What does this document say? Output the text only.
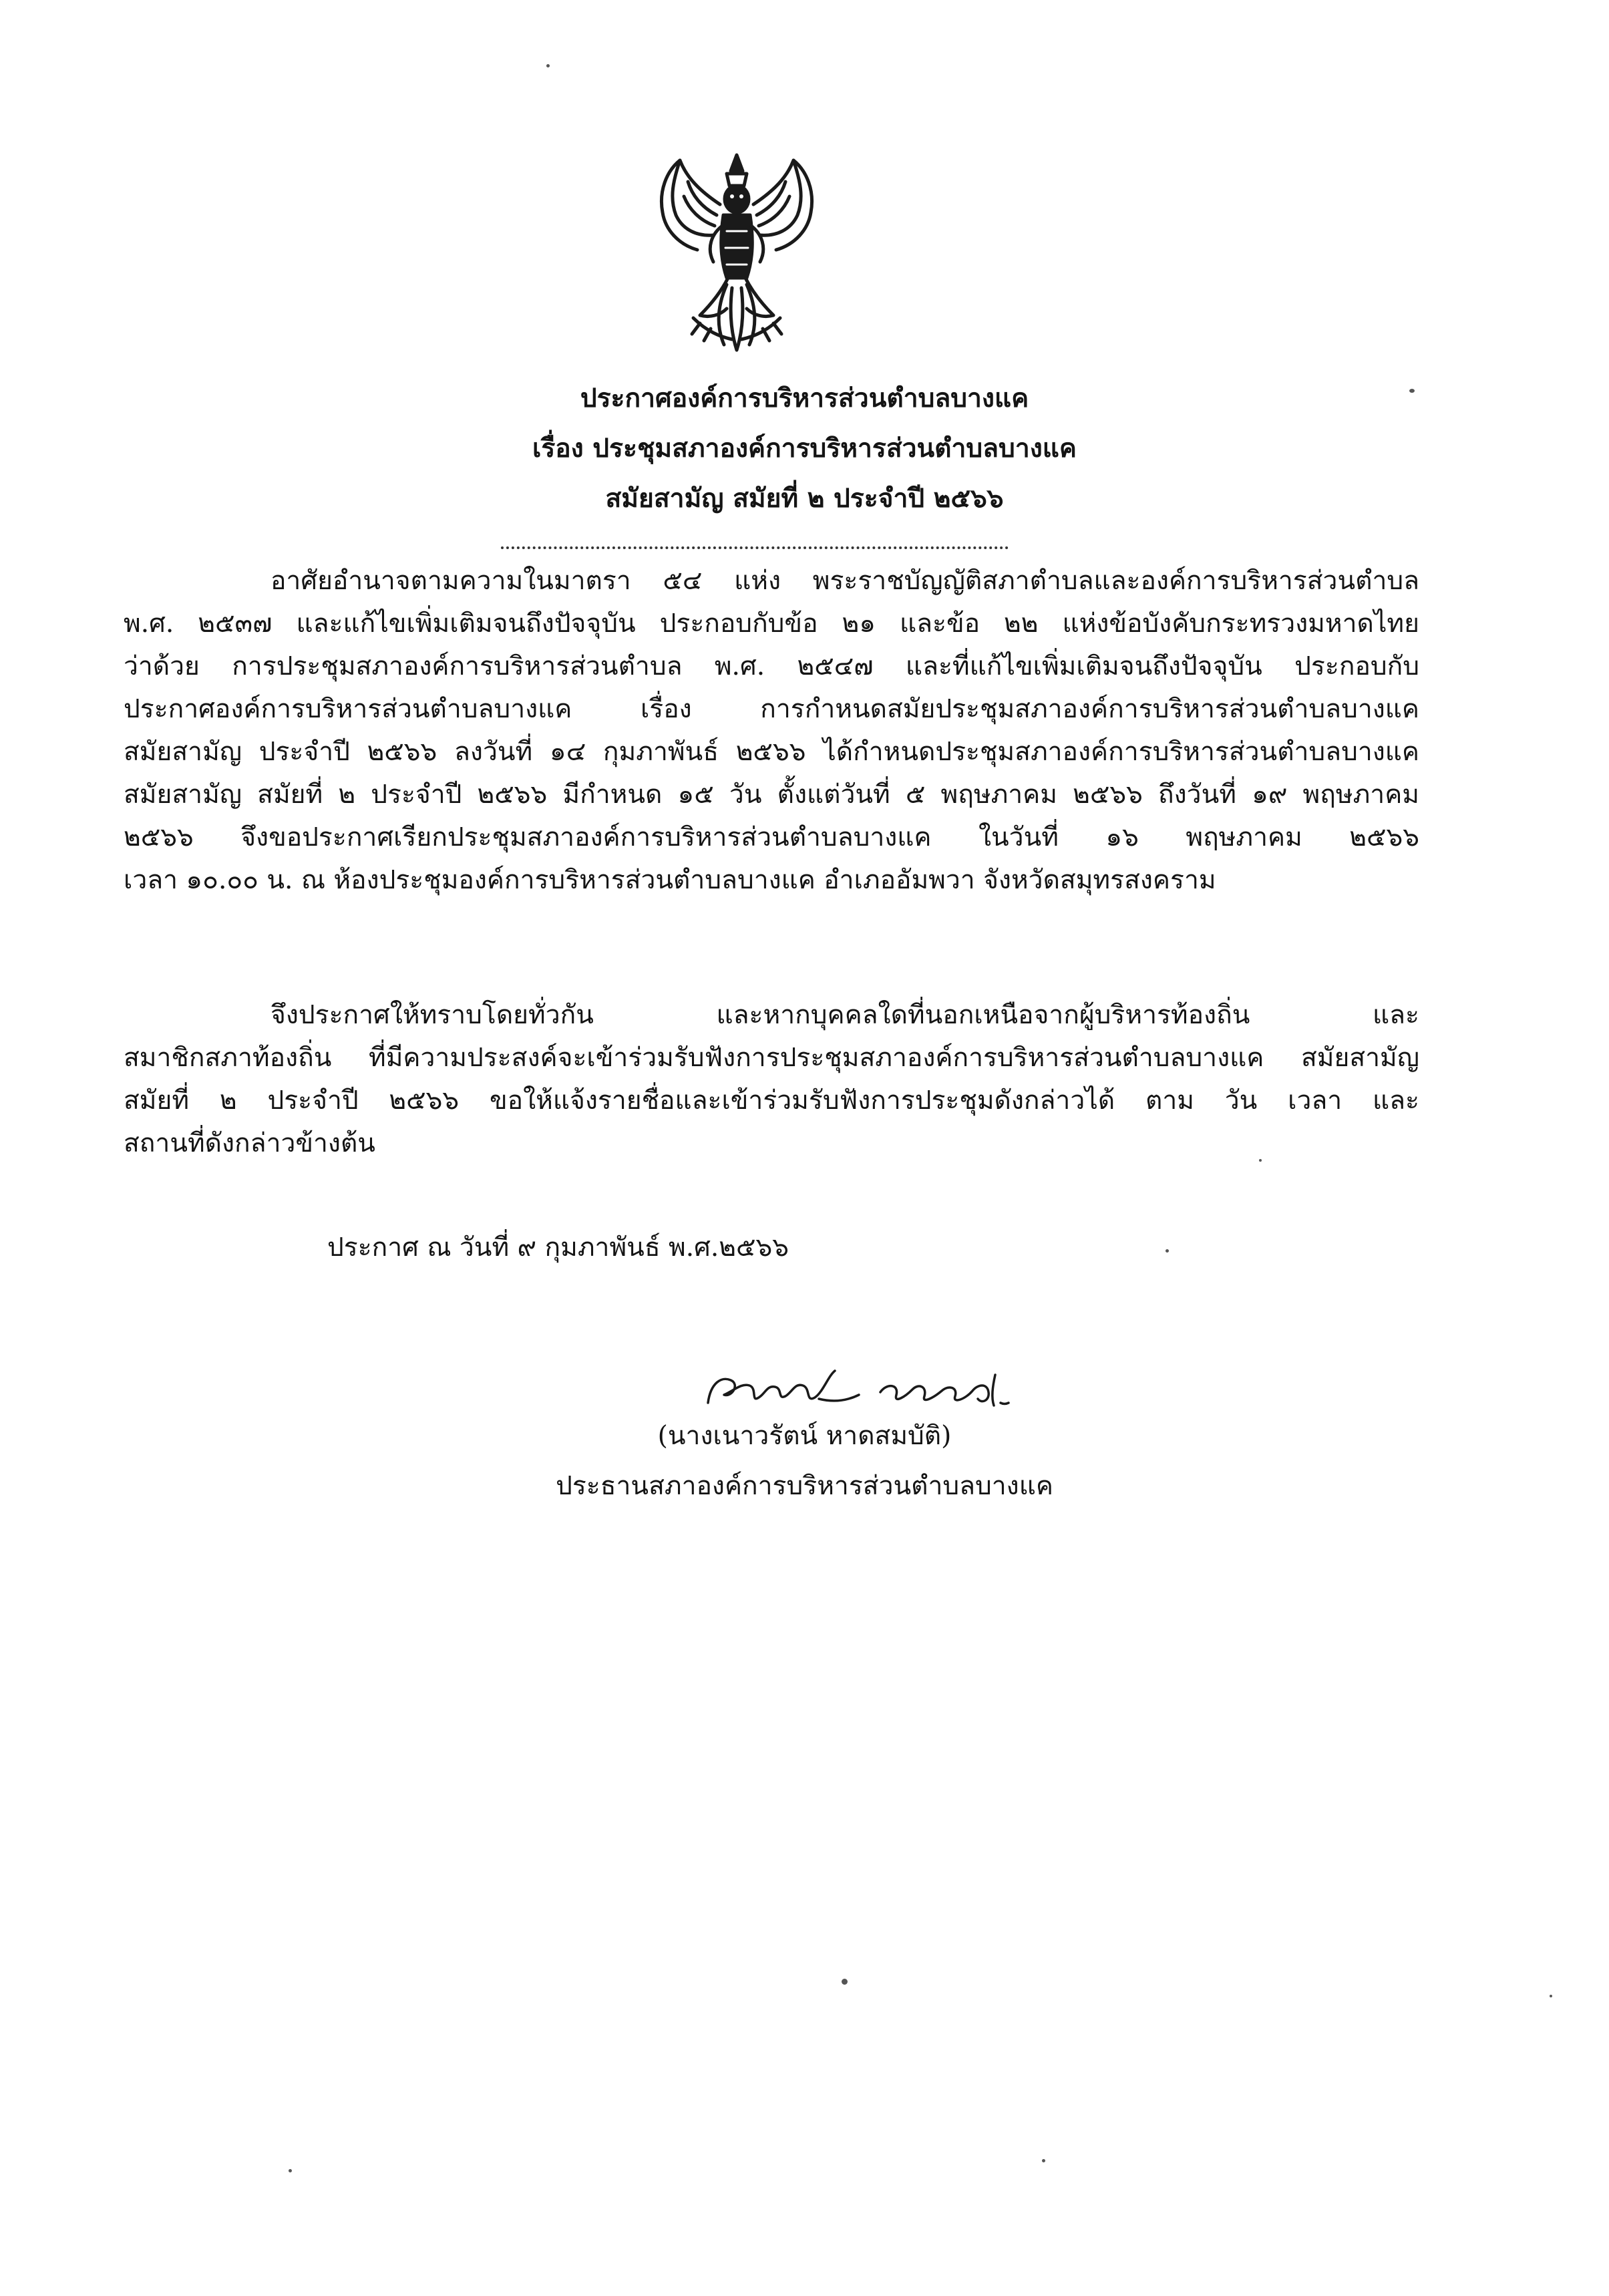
ประกาศองค์การบริหารส่วนตำบลบางแค
เรื่อง ประชุมสภาองค์การบริหารส่วนตำบลบางแค
สมัยสามัญ สมัยที่ ๒ ประจำปี ๒๕๖๖
อาศัยอำนาจตามความในมาตรา ๕๔ แห่ง พระราชบัญญัติสภาตำบลและองค์การบริหารส่วนตำบล
พ.ศ. ๒๕๓๗ และแก้ไขเพิ่มเติมจนถึงปัจจุบัน ประกอบกับข้อ ๒๑ และข้อ ๒๒ แห่งข้อบังคับกระทรวงมหาดไทย
ว่าด้วย การประชุมสภาองค์การบริหารส่วนตำบล พ.ศ. ๒๕๔๗ และที่แก้ไขเพิ่มเติมจนถึงปัจจุบัน ประกอบกับ
ประกาศองค์การบริหารส่วนตำบลบางแค เรื่อง การกำหนดสมัยประชุมสภาองค์การบริหารส่วนตำบลบางแค
สมัยสามัญ ประจำปี ๒๕๖๖ ลงวันที่ ๑๔ กุมภาพันธ์ ๒๕๖๖ ได้กำหนดประชุมสภาองค์การบริหารส่วนตำบลบางแค
สมัยสามัญ สมัยที่ ๒ ประจำปี ๒๕๖๖ มีกำหนด ๑๕ วัน ตั้งแต่วันที่ ๕ พฤษภาคม ๒๕๖๖ ถึงวันที่ ๑๙ พฤษภาคม
๒๕๖๖ จึงขอประกาศเรียกประชุมสภาองค์การบริหารส่วนตำบลบางแค ในวันที่ ๑๖ พฤษภาคม ๒๕๖๖
เวลา ๑๐.๐๐ น. ณ ห้องประชุมองค์การบริหารส่วนตำบลบางแค อำเภออัมพวา จังหวัดสมุทรสงคราม
จึงประกาศให้ทราบโดยทั่วกัน และหากบุคคลใดที่นอกเหนือจากผู้บริหารท้องถิ่น และ
สมาชิกสภาท้องถิ่น ที่มีความประสงค์จะเข้าร่วมรับฟังการประชุมสภาองค์การบริหารส่วนตำบลบางแค สมัยสามัญ
สมัยที่ ๒ ประจำปี ๒๕๖๖ ขอให้แจ้งรายชื่อและเข้าร่วมรับฟังการประชุมดังกล่าวได้ ตาม วัน เวลา และ
สถานที่ดังกล่าวข้างต้น
ประกาศ ณ วันที่ ๙ กุมภาพันธ์ พ.ศ.๒๕๖๖
(นางเนาวรัตน์ หาดสมบัติ)
ประธานสภาองค์การบริหารส่วนตำบลบางแค
